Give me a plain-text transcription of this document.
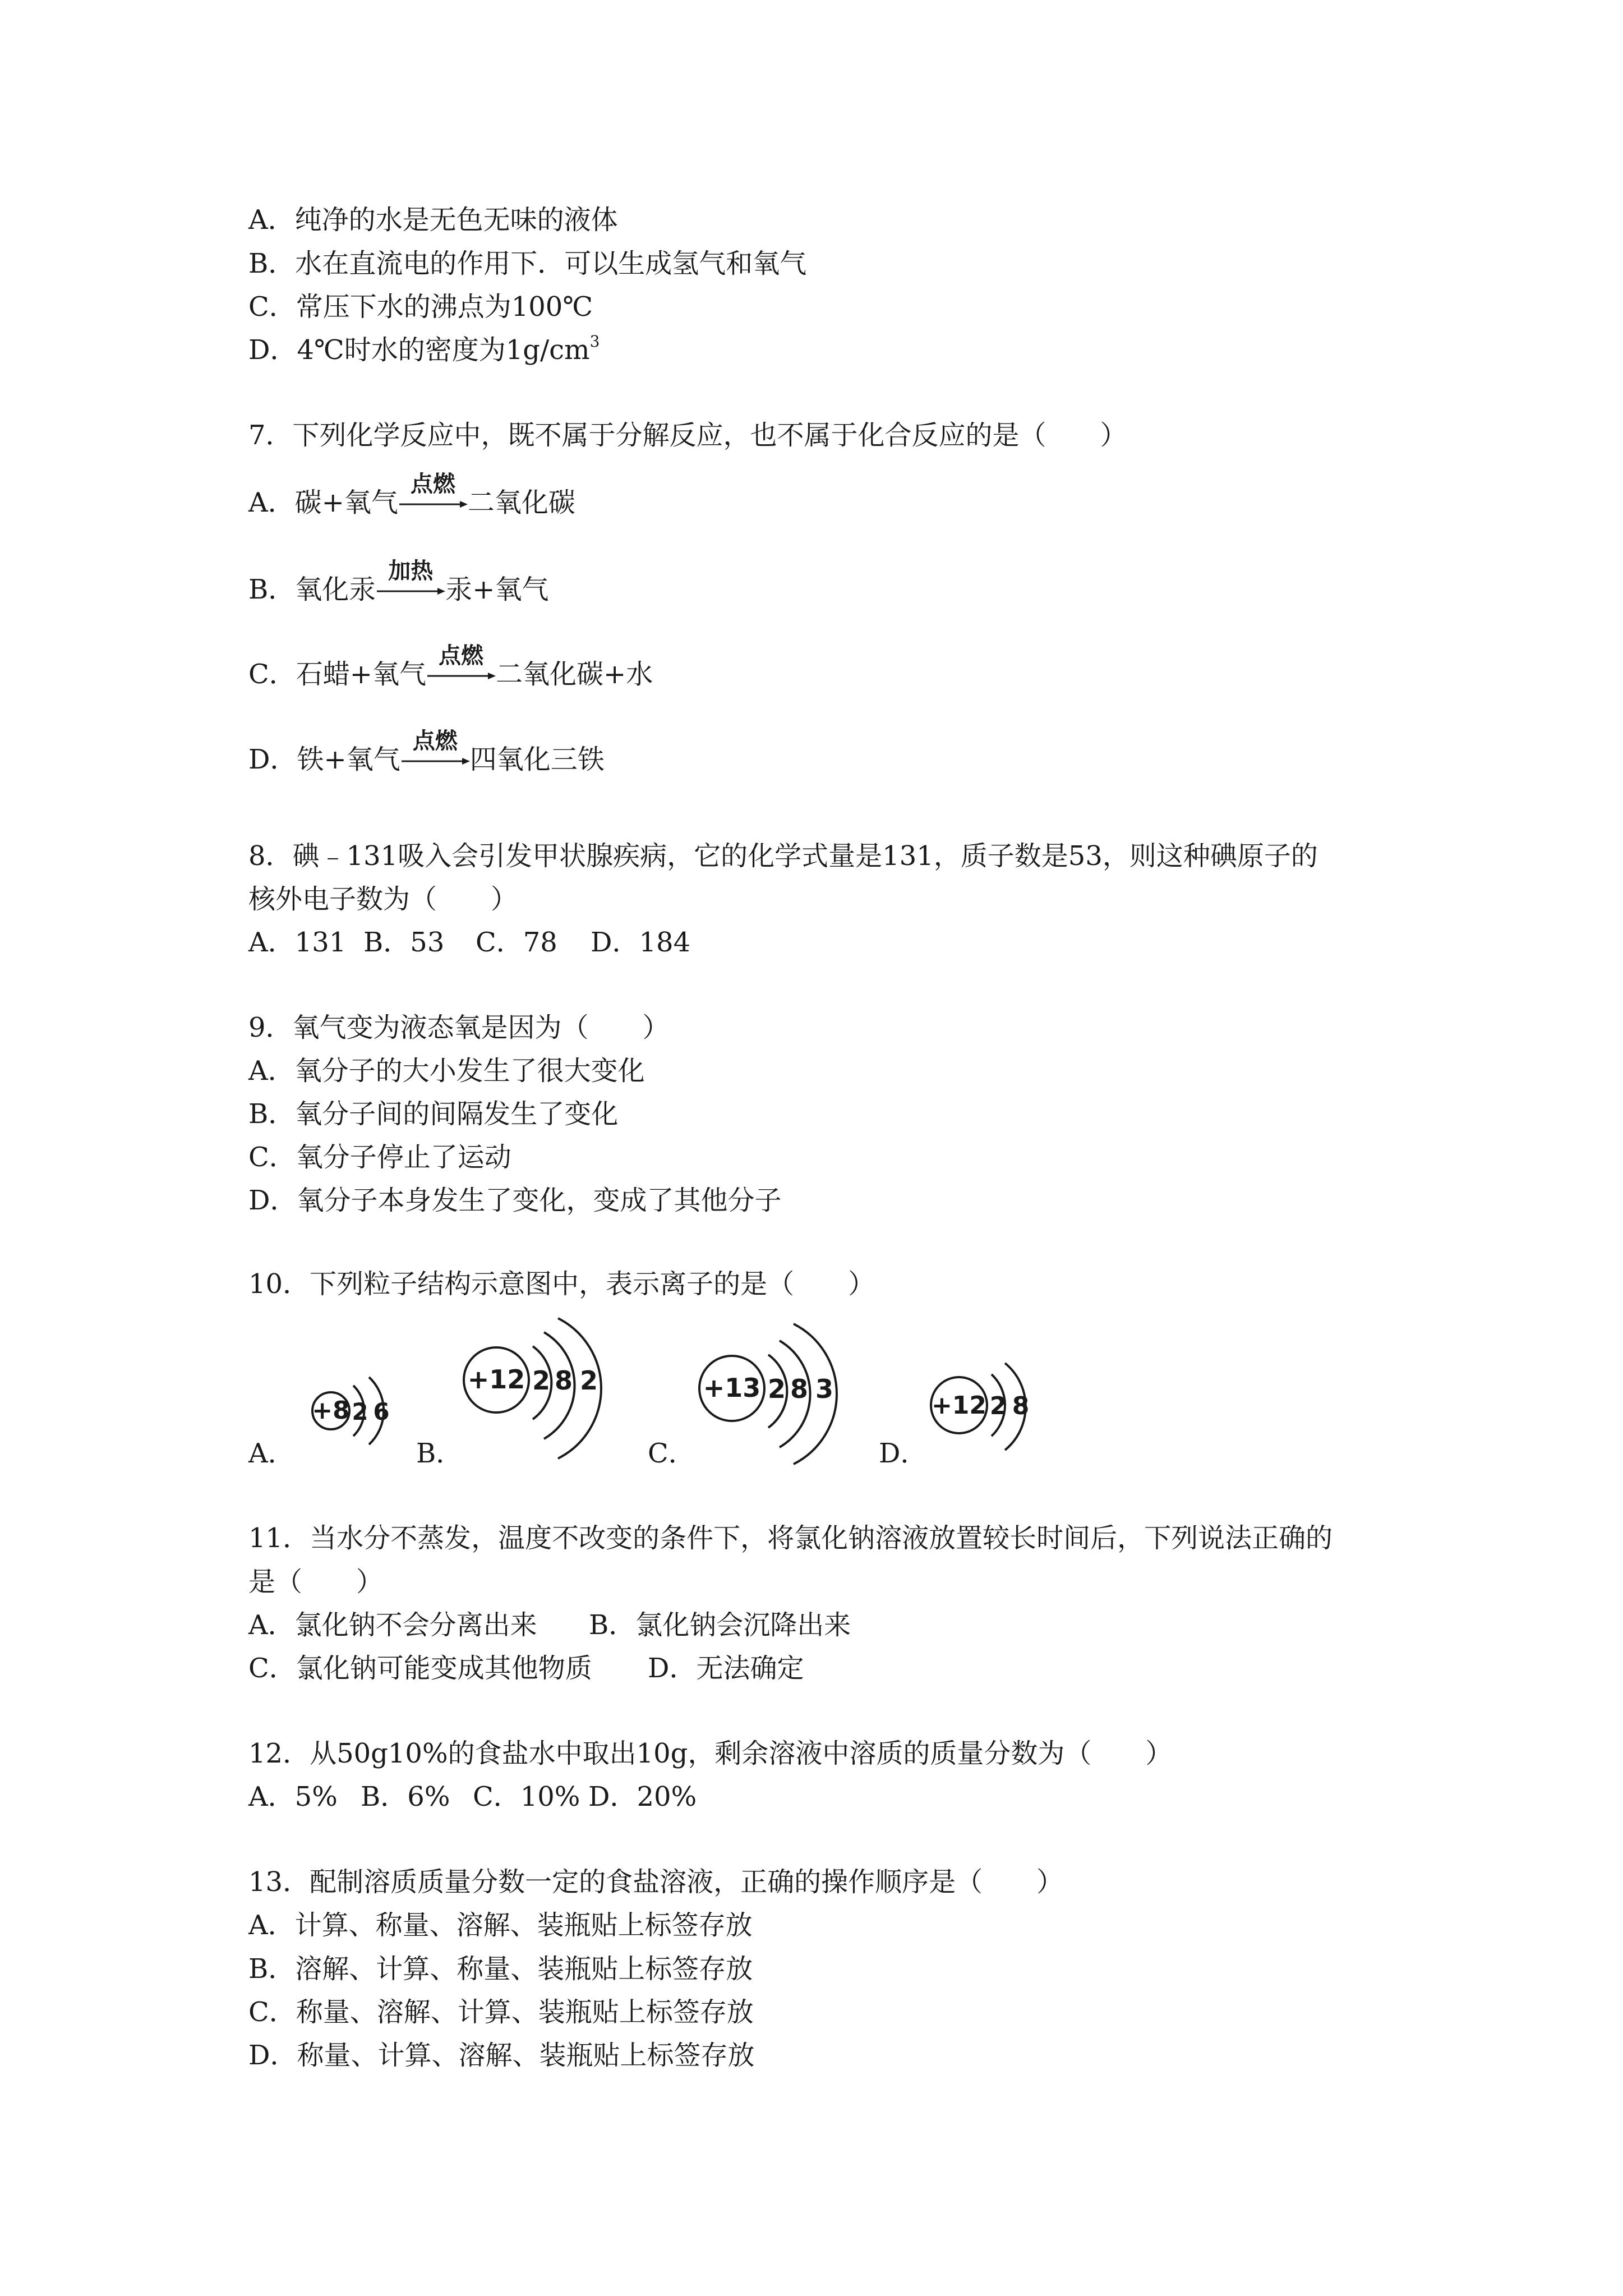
A．纯净的水是无色无味的液体
B．水在直流电的作用下．可以生成氢气和氧气
C．常压下水的沸点为100℃
D．4℃时水的密度为$1g/cm^3$
7．下列化学反应中，既不属于分解反应，也不属于化合反应的是（　　）
A．碳+氧气
点燃
二氧化碳
B．氧化汞
加热
汞+氧气
C．石蜡+氧气
点燃
二氧化碳+水
D．铁+氧气
点燃
四氧化三铁
8．碘﹣131吸入会引发甲状腺疾病，它的化学式量是131，质子数是53，则这种碘原子的
核外电子数为（　　）
A．131 B．53 C．78 D．184
9．氧气变为液态氧是因为（　　）
A．氧分子的大小发生了很大变化
B．氧分子间的间隔发生了变化
C．氧分子停止了运动
D．氧分子本身发生了变化，变成了其他分子
10．下列粒子结构示意图中，表示离子的是（　　）
A．	B．	C．	D．
+8 2 6
+12 2 8 2	+13 2 8 3
+12 2 8
11．当水分不蒸发，温度不改变的条件下，将氯化钠溶液放置较长时间后，下列说法正确的
是（　　）
A．氯化钠不会分离出来 B．氯化钠会沉降出来
C．氯化钠可能变成其他物质 D．无法确定
12．从50g10%的食盐水中取出10g，剩余溶液中溶质的质量分数为（　　）
A．5% B．6% C．10% D．20%
13．配制溶质质量分数一定的食盐溶液，正确的操作顺序是（　　）
A．计算、称量、溶解、装瓶贴上标签存放
B．溶解、计算、称量、装瓶贴上标签存放
C．称量、溶解、计算、装瓶贴上标签存放
D．称量、计算、溶解、装瓶贴上标签存放
